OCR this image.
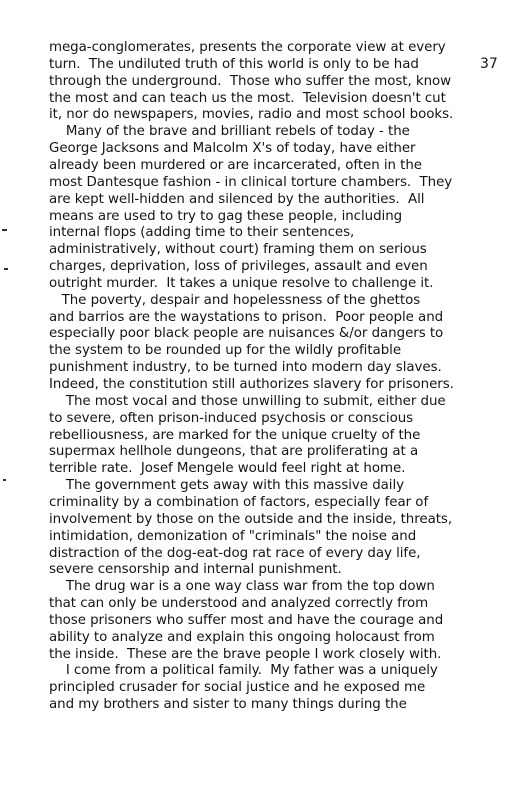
37
mega-conglomerates, presents the corporate view at every
turn.  The undiluted truth of this world is only to be had
through the underground.  Those who suffer the most, know
the most and can teach us the most.  Television doesn't cut
it, nor do newspapers, movies, radio and most school books.
Many of the brave and brilliant rebels of today - the
George Jacksons and Malcolm X's of today, have either
already been murdered or are incarcerated, often in the
most Dantesque fashion - in clinical torture chambers.  They
are kept well-hidden and silenced by the authorities.  All
means are used to try to gag these people, including
internal flops (adding time to their sentences,
administratively, without court) framing them on serious
charges, deprivation, loss of privileges, assault and even
outright murder.  It takes a unique resolve to challenge it.
The poverty, despair and hopelessness of the ghettos
and barrios are the waystations to prison.  Poor people and
especially poor black people are nuisances &/or dangers to
the system to be rounded up for the wildly profitable
punishment industry, to be turned into modern day slaves.
Indeed, the constitution still authorizes slavery for prisoners.
The most vocal and those unwilling to submit, either due
to severe, often prison-induced psychosis or conscious
rebelliousness, are marked for the unique cruelty of the
supermax hellhole dungeons, that are proliferating at a
terrible rate.  Josef Mengele would feel right at home.
The government gets away with this massive daily
criminality by a combination of factors, especially fear of
involvement by those on the outside and the inside, threats,
intimidation, demonization of "criminals" the noise and
distraction of the dog-eat-dog rat race of every day life,
severe censorship and internal punishment.
The drug war is a one way class war from the top down
that can only be understood and analyzed correctly from
those prisoners who suffer most and have the courage and
ability to analyze and explain this ongoing holocaust from
the inside.  These are the brave people I work closely with.
I come from a political family.  My father was a uniquely
principled crusader for social justice and he exposed me
and my brothers and sister to many things during the
